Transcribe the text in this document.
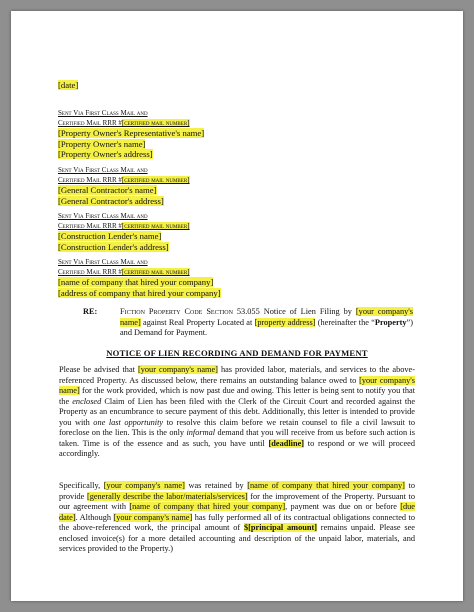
[date]
Sent Via First Class Mail and
Certified Mail RRR #[certified mail number]
[Property Owner's Representative's name]
[Property Owner's name]
[Property Owner's address]
Sent Via First Class Mail and
Certified Mail RRR #[certified mail number]
[General Contractor's name]
[General Contractor's address]
Sent Via First Class Mail and
Certified Mail RRR #[certified mail number]
[Construction Lender's name]
[Construction Lender's address]
Sent Via First Class Mail and
Certified Mail RRR #[certified mail number]
[name of company that hired your company]
[address of company that hired your company]
RE:	Fiction Property Code Section 53.055 Notice of Lien Filing by [your company's name] against Real Property Located at [property address] (hereinafter the “Property”) and Demand for Payment.
NOTICE OF LIEN RECORDING AND DEMAND FOR PAYMENT
Please be advised that [your company's name] has provided labor, materials, and services to the above-referenced Property. As discussed below, there remains an outstanding balance owed to [your company's name] for the work provided, which is now past due and owing. This letter is being sent to notify you that the enclosed Claim of Lien has been filed with the Clerk of the Circuit Court and recorded against the Property as an encumbrance to secure payment of this debt. Additionally, this letter is intended to provide you with one last opportunity to resolve this claim before we retain counsel to file a civil lawsuit to foreclose on the lien. This is the only informal demand that you will receive from us before such action is taken. Time is of the essence and as such, you have until [deadline] to respond or we will proceed accordingly.
Specifically, [your company's name] was retained by [name of company that hired your company] to provide [generally describe the labor/materials/services] for the improvement of the Property. Pursuant to our agreement with [name of company that hired your company], payment was due on or before [due date]. Although [your company's name] has fully performed all of its contractual obligations connected to the above-referenced work, the principal amount of $[principal amount] remains unpaid. Please see enclosed invoice(s) for a more detailed accounting and description of the unpaid labor, materials, and services provided to the Property.)
